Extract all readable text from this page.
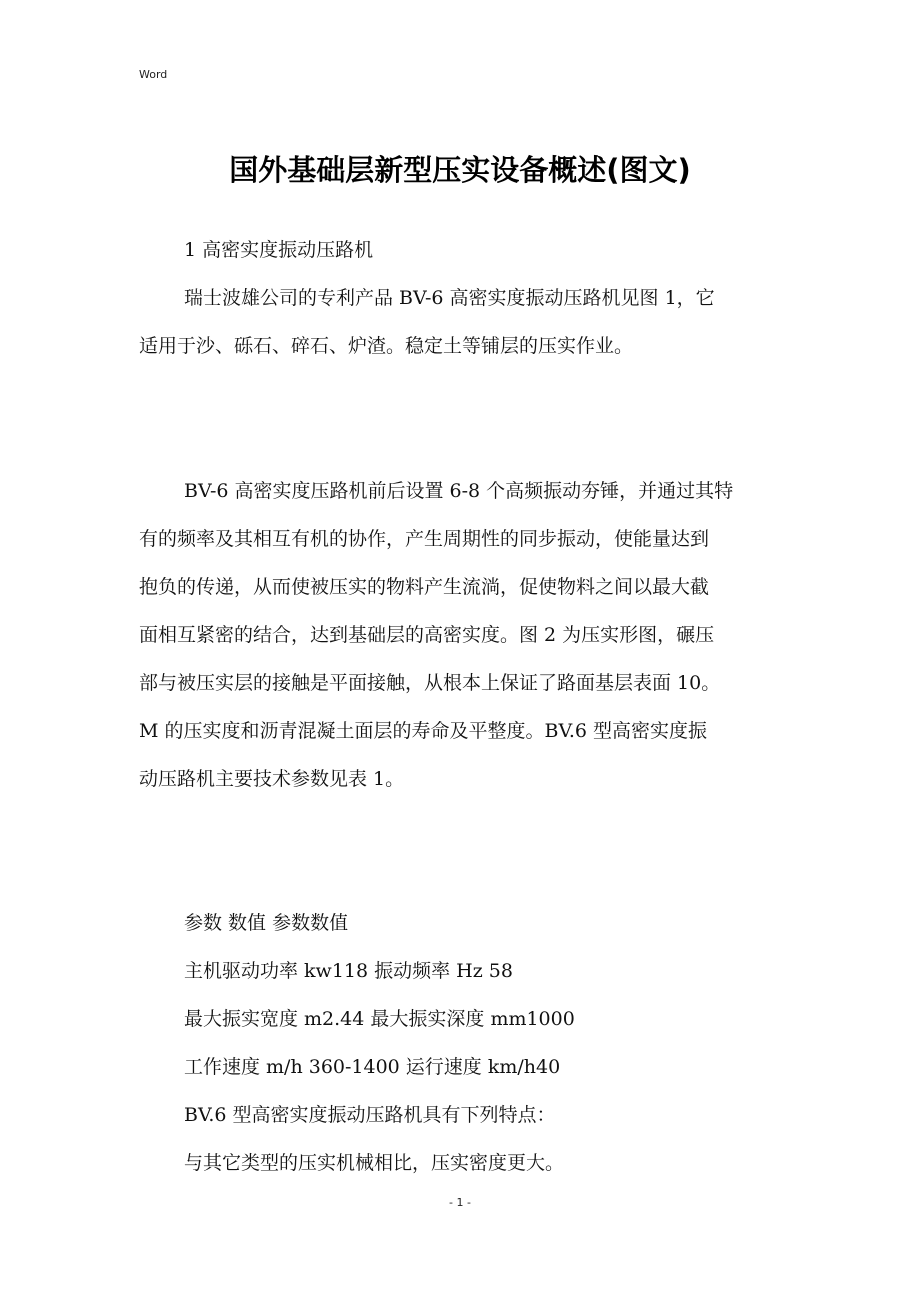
Word
国外基础层新型压实设备概述(图文)
1 高密实度振动压路机
瑞士波雄公司的专利产品 BV-6 高密实度振动压路机见图 1，它
适用于沙、砾石、碎石、炉渣。稳定土等铺层的压实作业。
BV-6 高密实度压路机前后设置 6-8 个高频振动夯锤，并通过其特
有的频率及其相互有机的协作，产生周期性的同步振动，使能量达到
抱负的传递，从而使被压实的物料产生流淌，促使物料之间以最大截
面相互紧密的结合，达到基础层的高密实度。图 2 为压实形图，碾压
部与被压实层的接触是平面接触，从根本上保证了路面基层表面 10。
M 的压实度和沥青混凝土面层的寿命及平整度。BV.6 型高密实度振
动压路机主要技术参数见表 1。
参数 数值 参数数值
主机驱动功率 kw118 振动频率 Hz 58
最大振实宽度 m2.44 最大振实深度 mm1000
工作速度 m/h 360-1400 运行速度 km/h40
BV.6 型高密实度振动压路机具有下列特点：
与其它类型的压实机械相比，压实密度更大。
- 1 -
